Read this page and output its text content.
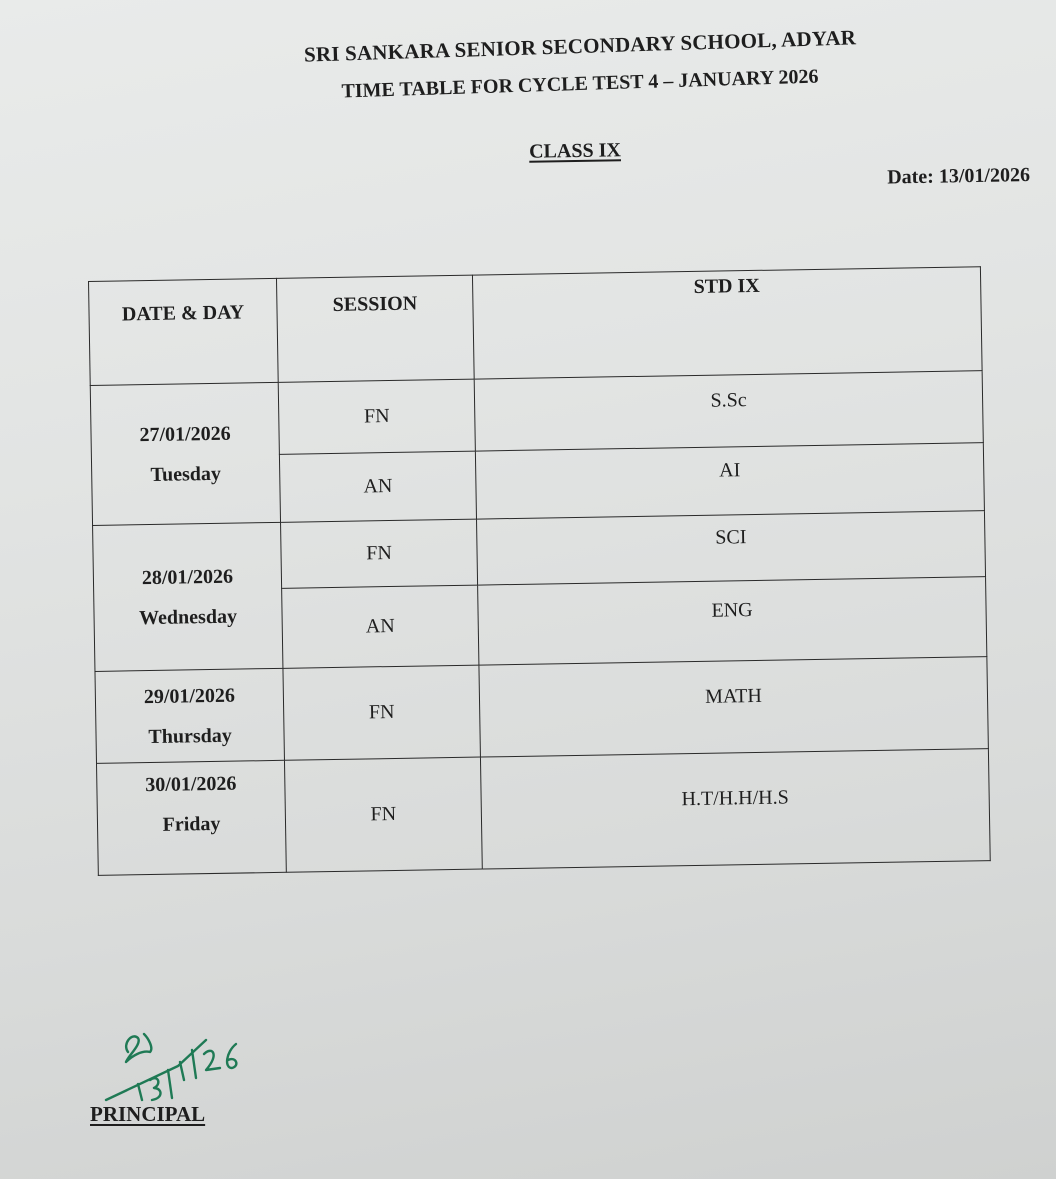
SRI SANKARA SENIOR SECONDARY SCHOOL, ADYAR
TIME TABLE FOR CYCLE TEST 4 – JANUARY 2026
CLASS IX
Date: 13/01/2026
DATE & DAY	SESSION	STD IX

27/01/2026
Tuesday	FN	S.Sc
	AN	AI

28/01/2026
Wednesday	FN	SCI
	AN	ENG

29/01/2026
Thursday	FN	MATH

30/01/2026
Friday	FN	H.T/H.H/H.S
PRINCIPAL
